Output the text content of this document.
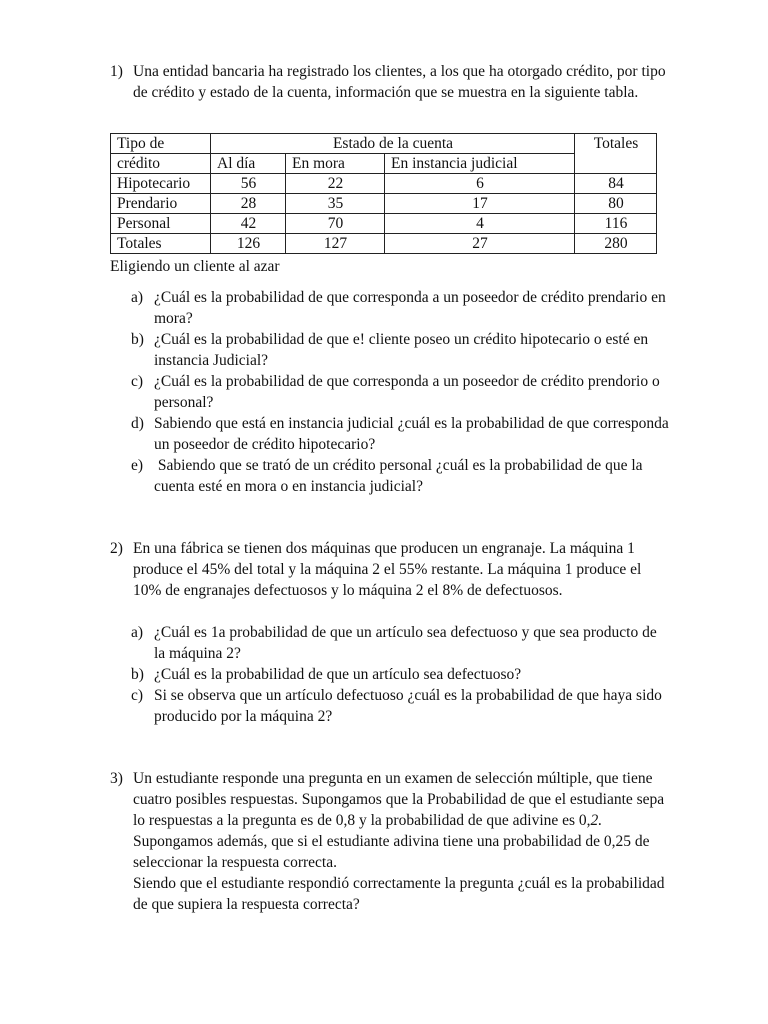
1) Una entidad bancaria ha registrado los clientes, a los que ha otorgado crédito, por tipo de crédito y estado de la cuenta, información que se muestra en la siguiente tabla.

Tipo de	Estado de la cuenta			Totales
crédito	Al día	En mora	En instancia judicial	
Hipotecario	56	22	6	84
Prendario	28	35	17	80
Personal	42	70	4	116
Totales	126	127	27	280
Eligiendo un cliente al azar
a) ¿Cuál es la probabilidad de que corresponda a un poseedor de crédito prendario en mora?
b) ¿Cuál es la probabilidad de que e! cliente poseo un crédito hipotecario o esté en instancia Judicial?
c) ¿Cuál es la probabilidad de que corresponda a un poseedor de crédito prendorio o personal?
d) Sabiendo que está en instancia judicial ¿cuál es la probabilidad de que corresponda un poseedor de crédito hipotecario?
e) Sabiendo que se trató de un crédito personal ¿cuál es la probabilidad de que la cuenta esté en mora o en instancia judicial?
2) En una fábrica se tienen dos máquinas que producen un engranaje. La máquina 1 produce el 45% del total y la máquina 2 el 55% restante. La máquina 1 produce el 10% de engranajes defectuosos y lo máquina 2 el 8% de defectuosos.

a) ¿Cuál es 1a probabilidad de que un artículo sea defectuoso y que sea producto de la máquina 2?
b) ¿Cuál es la probabilidad de que un artículo sea defectuoso?
c) Si se observa que un artículo defectuoso ¿cuál es la probabilidad de que haya sido producido por la máquina 2?
3) Un estudiante responde una pregunta en un examen de selección múltiple, que tiene cuatro posibles respuestas. Supongamos que la Probabilidad de que el estudiante sepa lo respuestas a la pregunta es de 0,8 y la probabilidad de que adivine es 0,2. Supongamos además, que si el estudiante adivina tiene una probabilidad de 0,25 de seleccionar la respuesta correcta.

Siendo que el estudiante respondió correctamente la pregunta ¿cuál es la probabilidad de que supiera la respuesta correcta?
